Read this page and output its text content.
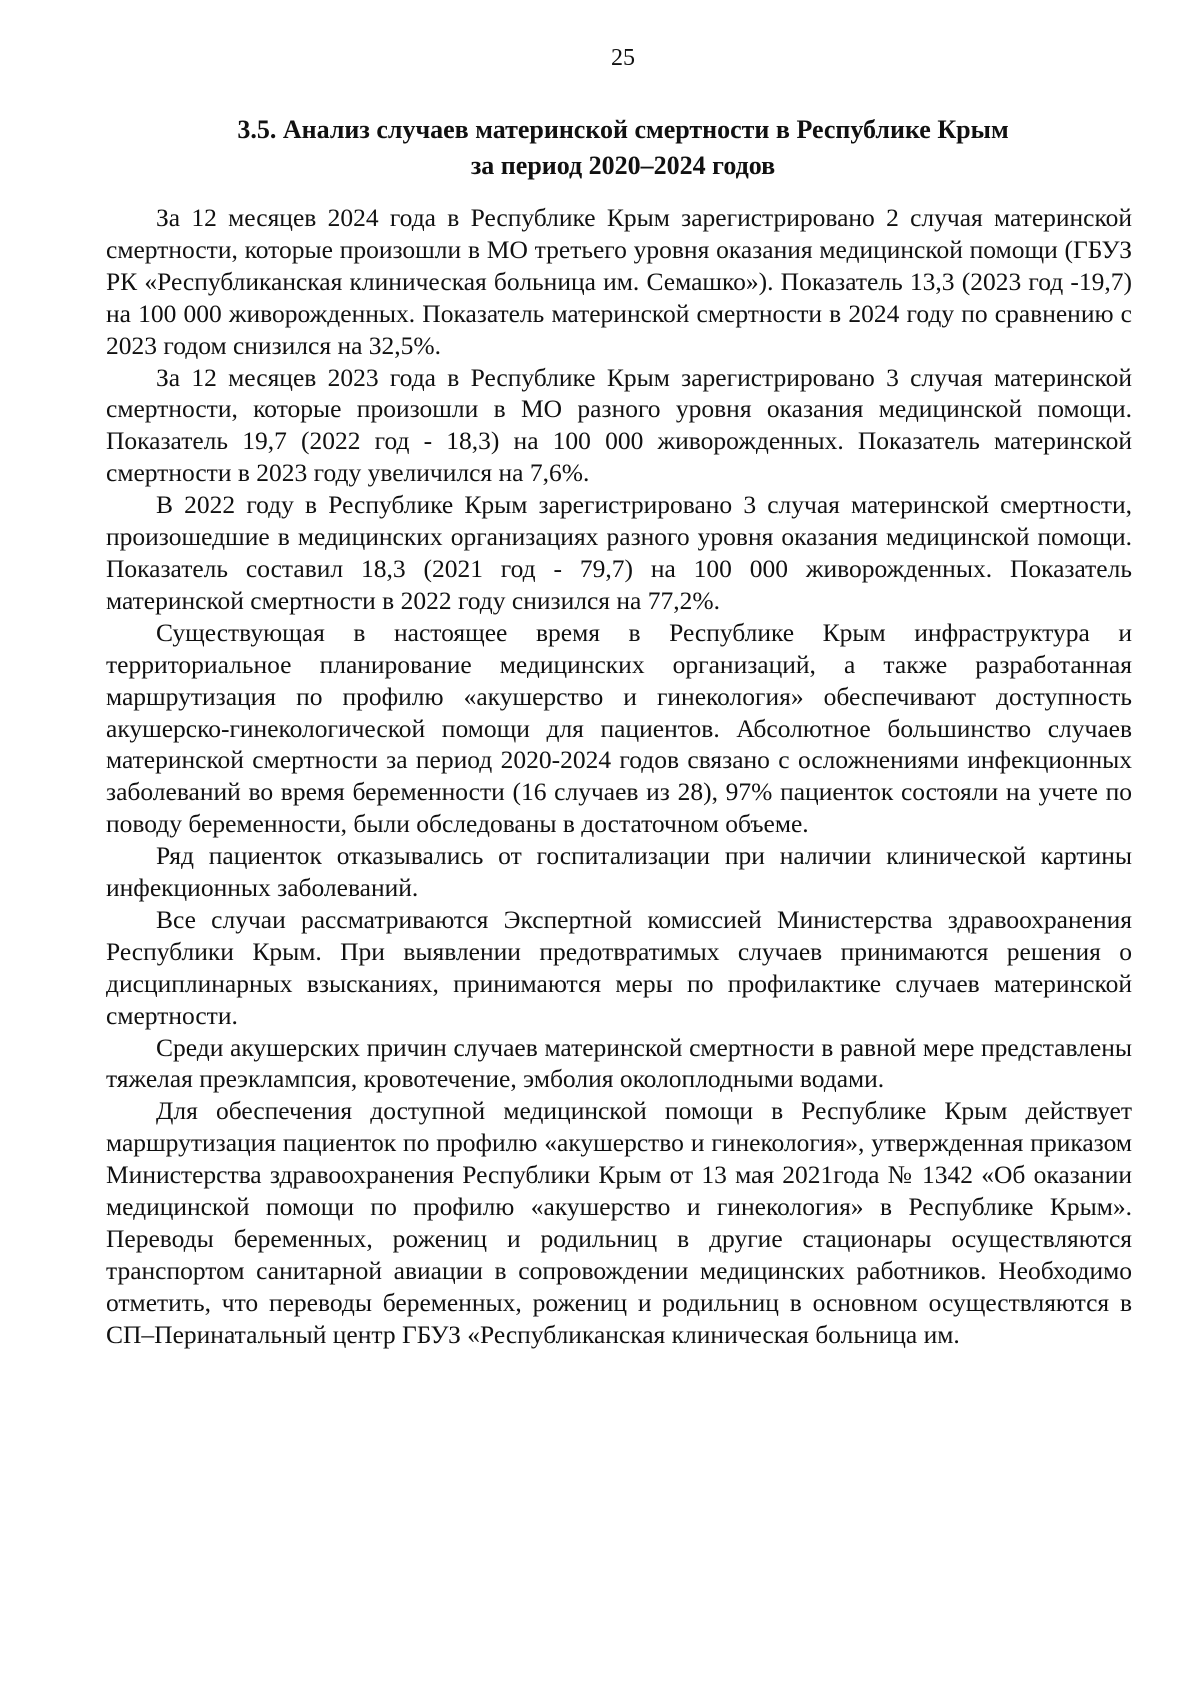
25
3.5. Анализ случаев материнской смертности в Республике Крым
за период 2020–2024 годов

За 12 месяцев 2024 года в Республике Крым зарегистрировано 2 случая материнской смертности, которые произошли в МО третьего уровня оказания медицинской помощи (ГБУЗ РК «Республиканская клиническая больница им. Семашко»). Показатель 13,3 (2023 год -19,7) на 100 000 живорожденных. Показатель материнской смертности в 2024 году по сравнению с 2023 годом снизился на 32,5%.

За 12 месяцев 2023 года в Республике Крым зарегистрировано 3 случая материнской смертности, которые произошли в МО разного уровня оказания медицинской помощи. Показатель 19,7 (2022 год - 18,3) на 100 000 живорожденных. Показатель материнской смертности в 2023 году увеличился на 7,6%.

В 2022 году в Республике Крым зарегистрировано 3 случая материнской смертности, произошедшие в медицинских организациях разного уровня оказания медицинской помощи. Показатель составил 18,3 (2021 год - 79,7) на 100 000 живорожденных. Показатель материнской смертности в 2022 году снизился на 77,2%.

Существующая в настоящее время в Республике Крым инфраструктура и территориальное планирование медицинских организаций, а также разработанная маршрутизация по профилю «акушерство и гинекология» обеспечивают доступность акушерско-гинекологической помощи для пациентов. Абсолютное большинство случаев материнской смертности за период 2020-2024 годов связано с осложнениями инфекционных заболеваний во время беременности (16 случаев из 28), 97% пациенток состояли на учете по поводу беременности, были обследованы в достаточном объеме.

Ряд пациенток отказывались от госпитализации при наличии клинической картины инфекционных заболеваний.

Все случаи рассматриваются Экспертной комиссией Министерства здравоохранения Республики Крым. При выявлении предотвратимых случаев принимаются решения о дисциплинарных взысканиях, принимаются меры по профилактике случаев материнской смертности.

Среди акушерских причин случаев материнской смертности в равной мере представлены тяжелая преэклампсия, кровотечение, эмболия околоплодными водами.

Для обеспечения доступной медицинской помощи в Республике Крым действует маршрутизация пациенток по профилю «акушерство и гинекология», утвержденная приказом Министерства здравоохранения Республики Крым от 13 мая 2021года № 1342 «Об оказании медицинской помощи по профилю «акушерство и гинекология» в Республике Крым». Переводы беременных, рожениц и родильниц в другие стационары осуществляются транспортом санитарной авиации в сопровождении медицинских работников. Необходимо отметить, что переводы беременных, рожениц и родильниц в основном осуществляются в СП–Перинатальный центр ГБУЗ «Республиканская клиническая больница им.
